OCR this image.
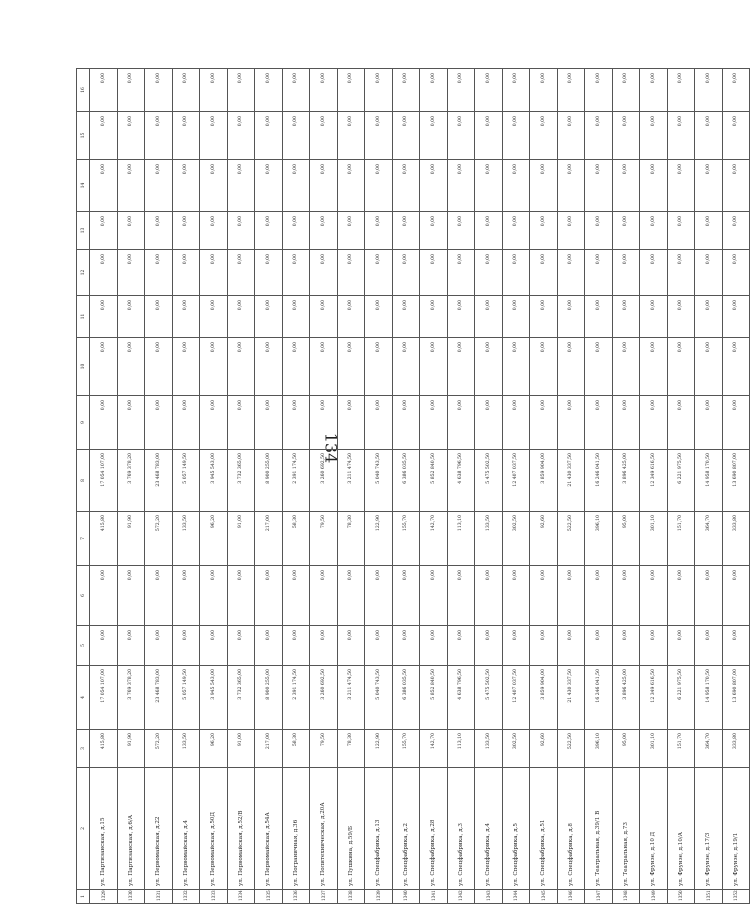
134
1	2	3	4	5	6	7	8	9	10	11	12	13	14	15	16
1329	ул. Партизанская, д.15	415,80	17 054 107,00	0,00	0,00	415,80	17 054 107,00	0,00	0,00	0,00	0,00	0,00	0,00	0,00	0,00
1330	ул. Партизанская, д.6/А	91,90	3 769 378,20	0,00	0,00	91,90	3 769 378,20	0,00	0,00	0,00	0,00	0,00	0,00	0,00	0,00
1331	ул. Первомайская, д.22	572,20	23 468 783,00	0,00	0,00	572,20	23 468 783,00	0,00	0,00	0,00	0,00	0,00	0,00	0,00	0,00
1332	ул. Первомайская, д.4	133,50	5 057 149,50	0,00	0,00	133,50	5 057 149,50	0,00	0,00	0,00	0,00	0,00	0,00	0,00	0,00
1333	ул. Первомайская, д.50Д	96,20	3 945 543,00	0,00	0,00	96,20	3 945 543,00	0,00	0,00	0,00	0,00	0,00	0,00	0,00	0,00
1334	ул. Первомайская, д.52/В	91,00	3 732 365,00	0,00	0,00	91,00	3 732 365,00	0,00	0,00	0,00	0,00	0,00	0,00	0,00	0,00
1335	ул. Первомайская, д.54А	217,00	8 900 255,00	0,00	0,00	217,00	8 900 255,00	0,00	0,00	0,00	0,00	0,00	0,00	0,00	0,00
1336	ул. Пограничная, д.36	58,30	2 391 174,50	0,00	0,00	58,30	2 391 174,50	0,00	0,00	0,00	0,00	0,00	0,00	0,00	0,00
1337	ул. Политехническая, д.20А	79,50	3 260 692,50	0,00	0,00	79,50	3 260 692,50	0,00	0,00	0,00	0,00	0,00	0,00	0,00	0,00
1338	ул. Пушкина, д.59/Б	78,30	3 211 474,50	0,00	0,00	78,30	3 211 474,50	0,00	0,00	0,00	0,00	0,00	0,00	0,00	0,00
1339	ул. Спецфабрика, д.13	122,90	5 040 743,50	0,00	0,00	122,90	5 040 743,50	0,00	0,00	0,00	0,00	0,00	0,00	0,00	0,00
1340	ул. Спецфабрика, д.2	155,70	6 386 035,50	0,00	0,00	155,70	6 386 035,50	0,00	0,00	0,00	0,00	0,00	0,00	0,00	0,00
1341	ул. Спецфабрика, д.28	142,70	5 852 840,50	0,00	0,00	142,70	5 852 840,50	0,00	0,00	0,00	0,00	0,00	0,00	0,00	0,00
1342	ул. Спецфабрика, д.3	113,10	4 638 796,50	0,00	0,00	113,10	4 638 796,50	0,00	0,00	0,00	0,00	0,00	0,00	0,00	0,00
1343	ул. Спецфабрика, д.4	133,50	5 475 502,50	0,00	0,00	133,50	5 475 502,50	0,00	0,00	0,00	0,00	0,00	0,00	0,00	0,00
1344	ул. Спецфабрика, д.5	302,50	12 407 037,50	0,00	0,00	302,50	12 407 037,50	0,00	0,00	0,00	0,00	0,00	0,00	0,00	0,00
1345	ул. Спецфабрика, д.51	92,60	3 859 904,00	0,00	0,00	92,60	3 859 904,00	0,00	0,00	0,00	0,00	0,00	0,00	0,00	0,00
1346	ул. Спецфабрика, д.8	522,50	21 430 337,50	0,00	0,00	522,50	21 430 337,50	0,00	0,00	0,00	0,00	0,00	0,00	0,00	0,00
1347	ул. Театральная, д.39/1 В	396,10	16 246 041,50	0,00	0,00	396,10	16 246 041,50	0,00	0,00	0,00	0,00	0,00	0,00	0,00	0,00
1348	ул. Театральная, д.73	95,00	3 896 425,00	0,00	0,00	95,00	3 896 425,00	0,00	0,00	0,00	0,00	0,00	0,00	0,00	0,00
1349	ул. Фрунзе, д.10 Д	301,10	12 349 616,50	0,00	0,00	301,10	12 349 616,50	0,00	0,00	0,00	0,00	0,00	0,00	0,00	0,00
1350	ул. Фрунзе, д.10/А	151,70	6 221 975,50	0,00	0,00	151,70	6 221 975,50	0,00	0,00	0,00	0,00	0,00	0,00	0,00	0,00
1351	ул. Фрунзе, д.17/3	364,70	14 958 170,50	0,00	0,00	364,70	14 958 170,50	0,00	0,00	0,00	0,00	0,00	0,00	0,00	0,00
1352	ул. Фрунзе, д.19/1	333,80	13 690 807,00	0,00	0,00	333,80	13 690 807,00	0,00	0,00	0,00	0,00	0,00	0,00	0,00	0,00
